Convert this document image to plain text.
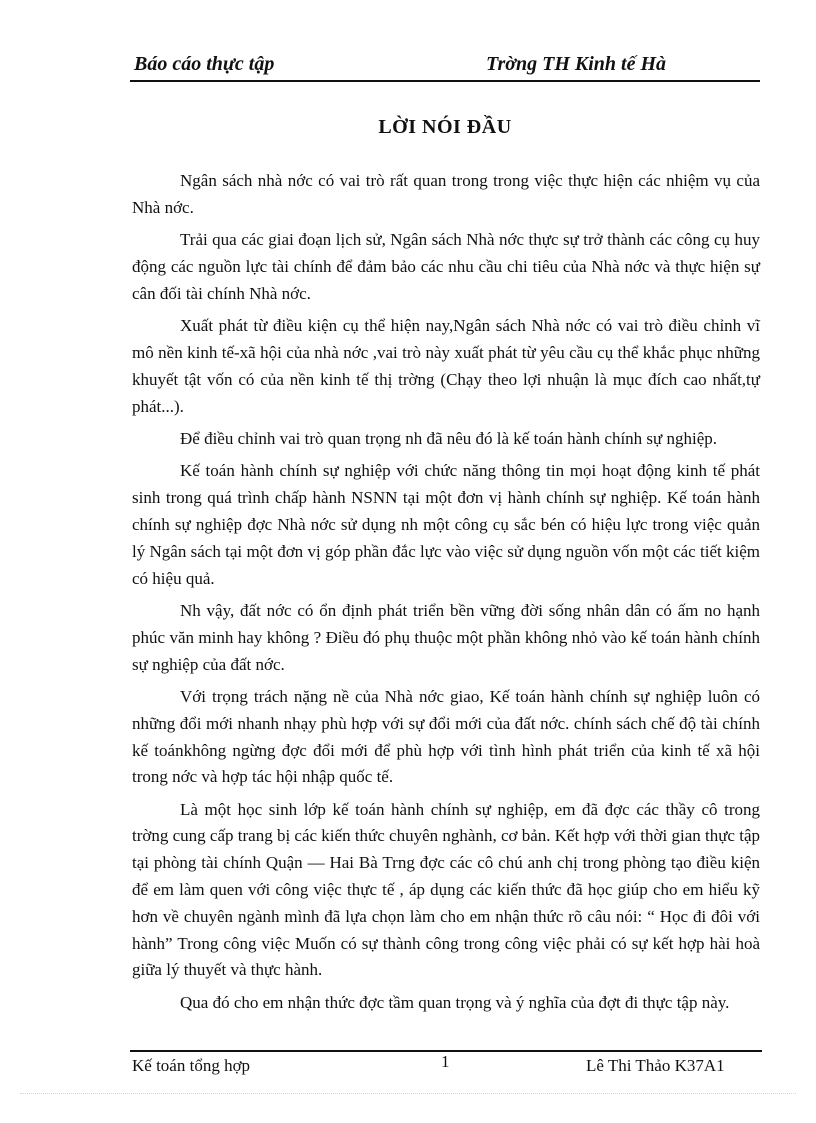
Báo cáo thực tập	Trờng TH Kinh tế Hà
LỜI NÓI ĐẦU

Ngân sách nhà nớc có vai trò rất quan trong trong việc thực hiện các nhiệm vụ của Nhà nớc.

Trải qua các giai đoạn lịch sử, Ngân sách Nhà nớc thực sự trở thành các công cụ huy động các nguồn lực tài chính để đảm bảo các nhu cầu chi tiêu của Nhà nớc và thực hiện sự cân đối tài chính Nhà nớc.

Xuất phát từ điều kiện cụ thể hiện nay,Ngân sách Nhà nớc có vai trò điều chỉnh vĩ mô nền kinh tế-xã hội của nhà nớc ,vai trò này xuất phát từ yêu cầu cụ thể khắc phục những khuyết tật vốn có của nền kinh tế thị trờng (Chạy theo lợi nhuận là mục đích cao nhất,tự phát...).

Để điều chỉnh vai trò quan trọng nh đã nêu đó là kế toán hành chính sự nghiệp.

Kế toán hành chính sự nghiệp với chức năng thông tin mọi hoạt động kinh tế phát sinh trong quá trình chấp hành NSNN tại một đơn vị hành chính sự nghiệp. Kế toán hành chính sự nghiệp đợc Nhà nớc sử dụng nh một công cụ sắc bén có hiệu lực trong việc quản lý Ngân sách tại một đơn vị góp phần đắc lực vào việc sử dụng nguồn vốn một các tiết kiệm có hiệu quả.

Nh vậy, đất nớc có ổn định phát triển bền vững đời sống nhân dân có ấm no hạnh phúc văn minh hay không ? Điều đó phụ thuộc một phần không nhỏ vào kế toán hành chính sự nghiệp của đất nớc.

Với trọng trách nặng nề của Nhà nớc giao, Kế toán hành chính sự nghiệp luôn có những đổi mới nhanh nhạy phù hợp với sự đổi mới của đất nớc. chính sách chế độ tài chính kế toánkhông ngừng đợc đổi mới để phù hợp với tình hình phát triển của kinh tế xã hội trong nớc và hợp tác hội nhập quốc tế.

Là một học sinh lớp kế toán hành chính sự nghiệp, em đã đợc các thầy cô trong trờng cung cấp trang bị các kiến thức chuyên nghành, cơ bản. Kết hợp với thời gian thực tập tại phòng tài chính Quận — Hai Bà Trng đợc các cô chú anh chị trong phòng tạo điều kiện để em làm quen với công việc thực tế , áp dụng các kiến thức đã học giúp cho em hiểu kỹ hơn về chuyên ngành mình đã lựa chọn làm cho em nhận thức rõ câu nói: “ Học đi đôi với hành” Trong công việc Muốn có sự thành công trong công việc phải có sự kết hợp hài hoà giữa lý thuyết và thực hành.

Qua đó cho em nhận thức đợc tầm quan trọng và ý nghĩa của đợt đi thực tập này.

Kế toán tổng hợp	1	Lê Thi Thảo K37A1
